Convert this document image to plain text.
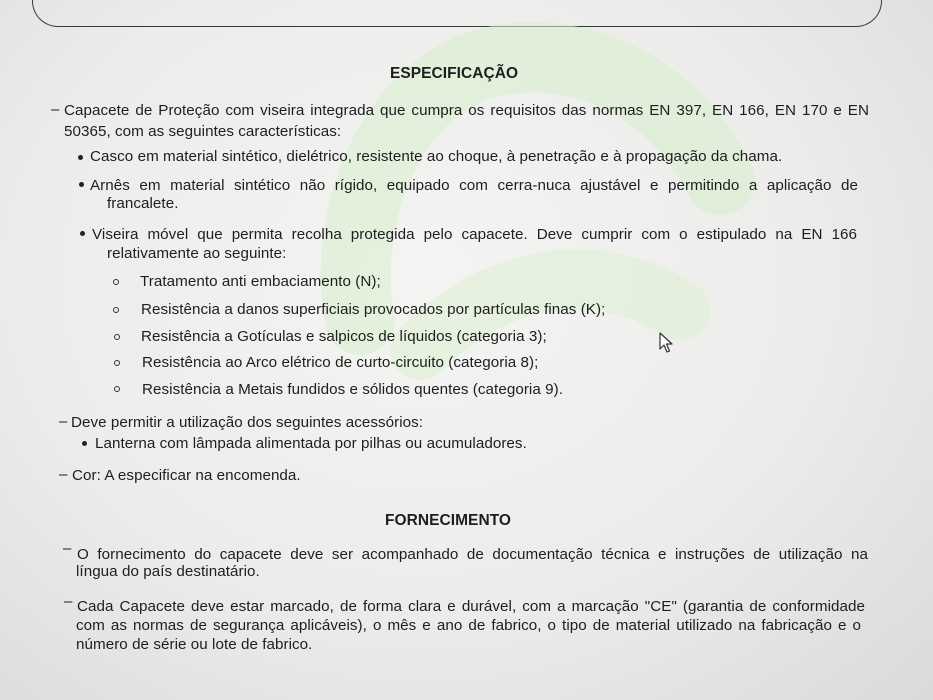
ESPECIFICAÇÃO
– Capacete de Proteção com viseira integrada que cumpra os requisitos das normas EN 397, EN 166, EN 170 e EN
50365, com as seguintes características:
Casco em material sintético, dielétrico, resistente ao choque, à penetração e à propagação da chama.
Arnês em material sintético não rígido, equipado com cerra-nuca ajustável e permitindo a aplicação de
francalete.
Viseira móvel que permita recolha protegida pelo capacete. Deve cumprir com o estipulado na EN 166
relativamente ao seguinte:
Tratamento anti embaciamento (N);
Resistência a danos superficiais provocados por partículas finas (K);
Resistência a Gotículas e salpicos de líquidos (categoria 3);
Resistência ao Arco elétrico de curto-circuito (categoria 8);
Resistência a Metais fundidos e sólidos quentes (categoria 9).
– Deve permitir a utilização dos seguintes acessórios:
Lanterna com lâmpada alimentada por pilhas ou acumuladores.
– Cor: A especificar na encomenda.
FORNECIMENTO
– O fornecimento do capacete deve ser acompanhado de documentação técnica e instruções de utilização na
língua do país destinatário.
– Cada Capacete deve estar marcado, de forma clara e durável, com a marcação "CE" (garantia de conformidade
com as normas de segurança aplicáveis), o mês e ano de fabrico, o tipo de material utilizado na fabricação e o
número de série ou lote de fabrico.
